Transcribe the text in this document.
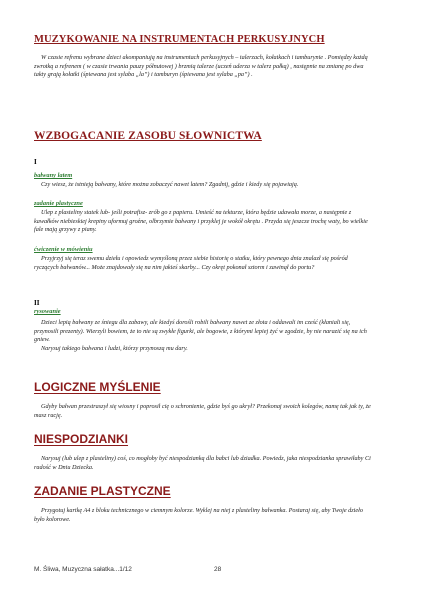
MUZYKOWANIE NA INSTRUMENTACH PERKUSYJNYCH

W czasie refrenu wybrane dzieci akompaniują na instrumentach perkusyjnych – talerzach, kołatkach i tamburynie . Pomiędzy każdą zwrotką a refrenem ( w czasie trwania pauzy półnutowej ) brzmią talerze (uczeń uderza w talerz pałką) , następnie na zmianę po dwa takty grają kołatki (śpiewana jest sylaba „la”) i tamburyn (śpiewana jest sylaba „pa”) .

WZBOGACANIE ZASOBU SŁOWNICTWA
I
bałwany latem

Czy wiesz, że istnieją bałwany, które można zobaczyć nawet latem? Zgadnij, gdzie i kiedy się pojawiają.

zadanie plastyczne

Ulep z plasteliny statek lub- jeśli potrafisz- zrób go z papieru. Umieść na tekturze, która będzie udawała morze, a następnie z kawałków niebieskiej krepiny uformuj groźne, olbrzymie bałwany i przyklej je wokół okrętu . Przyda się jeszcze trochę waty, bo wielkie fale mają grzywy z piany.

ćwiczenie w mówieniu

Przyjrzyj się teraz swemu dziełu i opowiedz wymyśloną przez siebie historię o statku, który pewnego dnia znalazł się pośród ryczących bałwanów... Może znajdowały się na nim jakieś skarby... Czy okręt pokonał sztorm i zawinął do portu?

II
rysowanie

Dzieci lepią bałwany ze śniegu dla zabawy, ale kiedyś dorośli robili bałwany nawet ze złota i oddawali im cześć (kłaniali się, przynosili prezenty). Wierzyli bowiem, że to nie są zwykłe figurki, ale bogowie, z którymi lepiej żyć w zgodzie, by nie narazić się na ich gniew.

Narysuj takiego bałwana i ludzi, którzy przynoszą mu dary.

LOGICZNE MYŚLENIE

Gdyby bałwan przestraszył się wiosny i poprosił cię o schronienie, gdzie byś go ukrył? Przekonaj swoich kolegów, namę tak jak ty, że masz rację.

NIESPODZIANKI

Narysuj (lub ulep z plasteliny) coś, co mogłoby być niespodzianką dla babci lub dziadka. Powiedz, jaka niespodzianka sprawiłaby Ci radość w Dniu Dziecka.

ZADANIE PLASTYCZNE

Przygotuj kartkę A4 z bloku technicznego w ciemnym kolorze. Wyklej na niej z plasteliny bałwanka. Postaraj się, aby Twoje dzieło było kolorowe.

M. Śliwa, Muzyczna sałatka...1/12	28
